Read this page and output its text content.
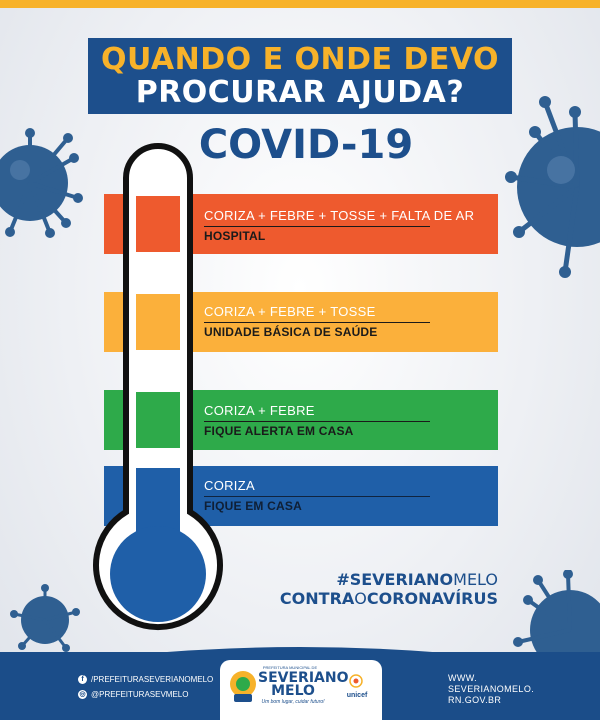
QUANDO E ONDE DEVO
PROCURAR AJUDA?
COVID-19
CORIZA + FEBRE + TOSSE + FALTA DE AR
HOSPITAL
CORIZA + FEBRE + TOSSE
UNIDADE BÁSICA DE SAÚDE
CORIZA + FEBRE
FIQUE ALERTA EM CASA
CORIZA
FIQUE EM CASA
#SEVERIANOMELO
CONTRAOCORONAVÍRUS
f /PREFEITURASEVERIANOMELO
◎ @PREFEITURASEVMELO
PREFEITURA MUNICIPAL DE
SEVERIANO
MELO
Um bom lugar, cuidar futuro!
unicef
WWW.
SEVERIANOMELO.
RN.GOV.BR
